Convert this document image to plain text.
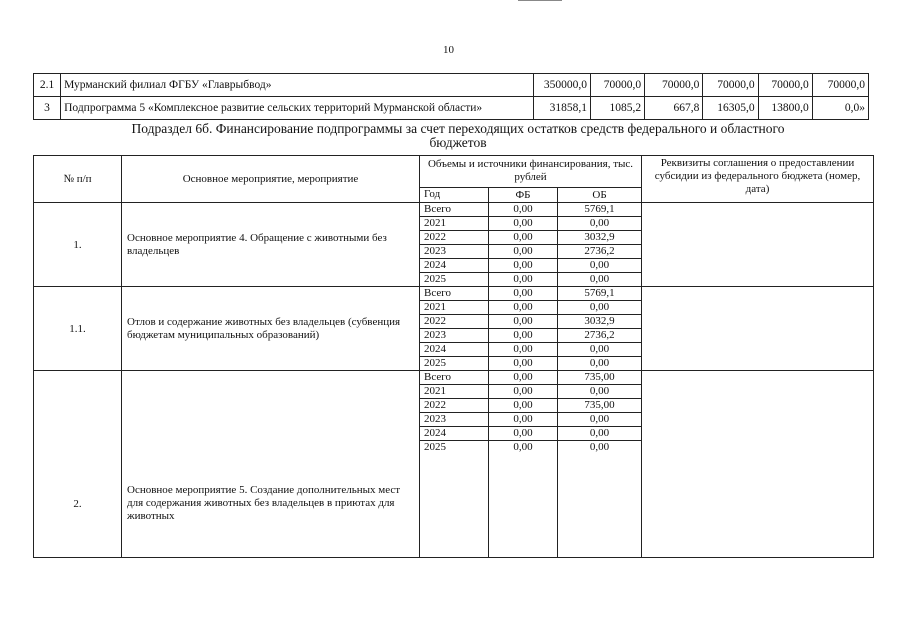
10
2.1	Мурманский филиал ФГБУ «Главрыбвод»	350000,0	70000,0	70000,0	70000,0	70000,0	70000,0
3	Подпрограмма 5 «Комплексное развитие сельских территорий Мурманской области»	31858,1	1085,2	667,8	16305,0	13800,0	0,0»
Подраздел 6б. Финансирование подпрограммы за счет переходящих остатков средств федерального и областного
бюджетов
№ п/п	Основное мероприятие, мероприятие	Объемы и источники финансирования, тыс. рублей			Реквизиты соглашения о предоставлении субсидии из федерального бюджета (номер, дата)
		Год	ФБ	ОБ	
1.	Основное мероприятие 4. Обращение с животными без владельцев	Всего	0,00	5769,1	
		2021	0,00	0,00	
		2022	0,00	3032,9	
		2023	0,00	2736,2	
		2024	0,00	0,00	
		2025	0,00	0,00	
1.1.	Отлов и содержание животных без владельцев (субвенция бюджетам муниципальных образований)	Всего	0,00	5769,1	
		2021	0,00	0,00	
		2022	0,00	3032,9	
		2023	0,00	2736,2	
		2024	0,00	0,00	
		2025	0,00	0,00	
2.	Основное мероприятие 5. Создание дополнительных мест для содержания животных без владельцев в приютах для животных	Всего	0,00	735,00	
		2021	0,00	0,00	
		2022	0,00	735,00	
		2023	0,00	0,00	
		2024	0,00	0,00	
		2025	0,00	0,00	
